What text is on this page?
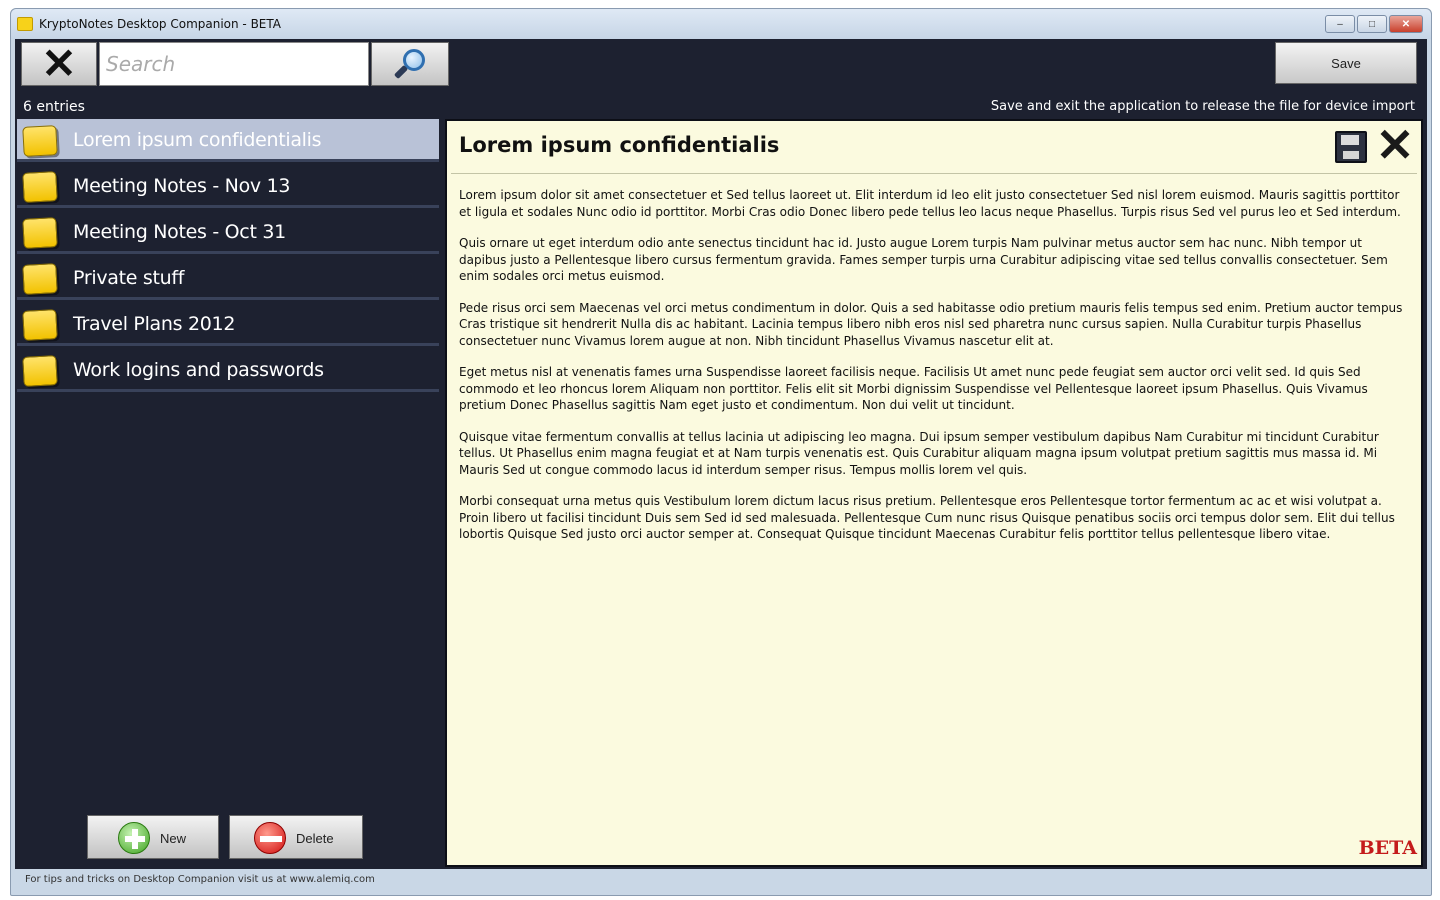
KryptoNotes Desktop Companion - BETA	–	□	✕
✕
Search
6 entries
Save
Save and exit the application to release the file for device import
Lorem ipsum confidentialis
Meeting Notes - Nov 13
Meeting Notes - Oct 31
Private stuff
Travel Plans 2012
Work logins and passwords
New	Delete
Lorem ipsum confidentialis	✕

Lorem ipsum dolor sit amet consectetuer et Sed tellus laoreet ut. Elit interdum id leo elit justo consectetuer Sed nisl lorem euismod. Mauris sagittis porttitor et ligula et sodales Nunc odio id porttitor. Morbi Cras odio Donec libero pede tellus leo lacus neque Phasellus. Turpis risus Sed vel purus leo et Sed interdum.

Quis ornare ut eget interdum odio ante senectus tincidunt hac id. Justo augue Lorem turpis Nam pulvinar metus auctor sem hac nunc. Nibh tempor ut dapibus justo a Pellentesque libero cursus fermentum gravida. Fames semper turpis urna Curabitur adipiscing vitae sed tellus convallis consectetuer. Sem enim sodales orci metus euismod.

Pede risus orci sem Maecenas vel orci metus condimentum in dolor. Quis a sed habitasse odio pretium mauris felis tempus sed enim. Pretium auctor tempus Cras tristique sit hendrerit Nulla dis ac habitant. Lacinia tempus libero nibh eros nisl sed pharetra nunc cursus sapien. Nulla Curabitur turpis Phasellus consectetuer nunc Vivamus lorem augue at non. Nibh tincidunt Phasellus Vivamus nascetur elit at.

Eget metus nisl at venenatis fames urna Suspendisse laoreet facilisis neque. Facilisis Ut amet nunc pede feugiat sem auctor orci velit sed. Id quis Sed commodo et leo rhoncus lorem Aliquam non porttitor. Felis elit sit Morbi dignissim Suspendisse vel Pellentesque laoreet ipsum Phasellus. Quis Vivamus pretium Donec Phasellus sagittis Nam eget justo et condimentum. Non dui velit ut tincidunt.

Quisque vitae fermentum convallis at tellus lacinia ut adipiscing leo magna. Dui ipsum semper vestibulum dapibus Nam Curabitur mi tincidunt Curabitur tellus. Ut Phasellus enim magna feugiat et at Nam turpis venenatis est. Quis Curabitur aliquam magna ipsum volutpat pretium sagittis mus massa id. Mi Mauris Sed ut congue commodo lacus id interdum semper risus. Tempus mollis lorem vel quis.

Morbi consequat urna metus quis Vestibulum lorem dictum lacus risus pretium. Pellentesque eros Pellentesque tortor fermentum ac ac et wisi volutpat a. Proin libero ut facilisi tincidunt Duis sem Sed id sed malesuada. Pellentesque Cum nunc risus Quisque penatibus sociis orci tempus dolor sem. Elit dui tellus lobortis Quisque Sed justo orci auctor semper at. Consequat Quisque tincidunt Maecenas Curabitur felis porttitor tellus pellentesque libero vitae.

BETA
For tips and tricks on Desktop Companion visit us at www.alemiq.com
